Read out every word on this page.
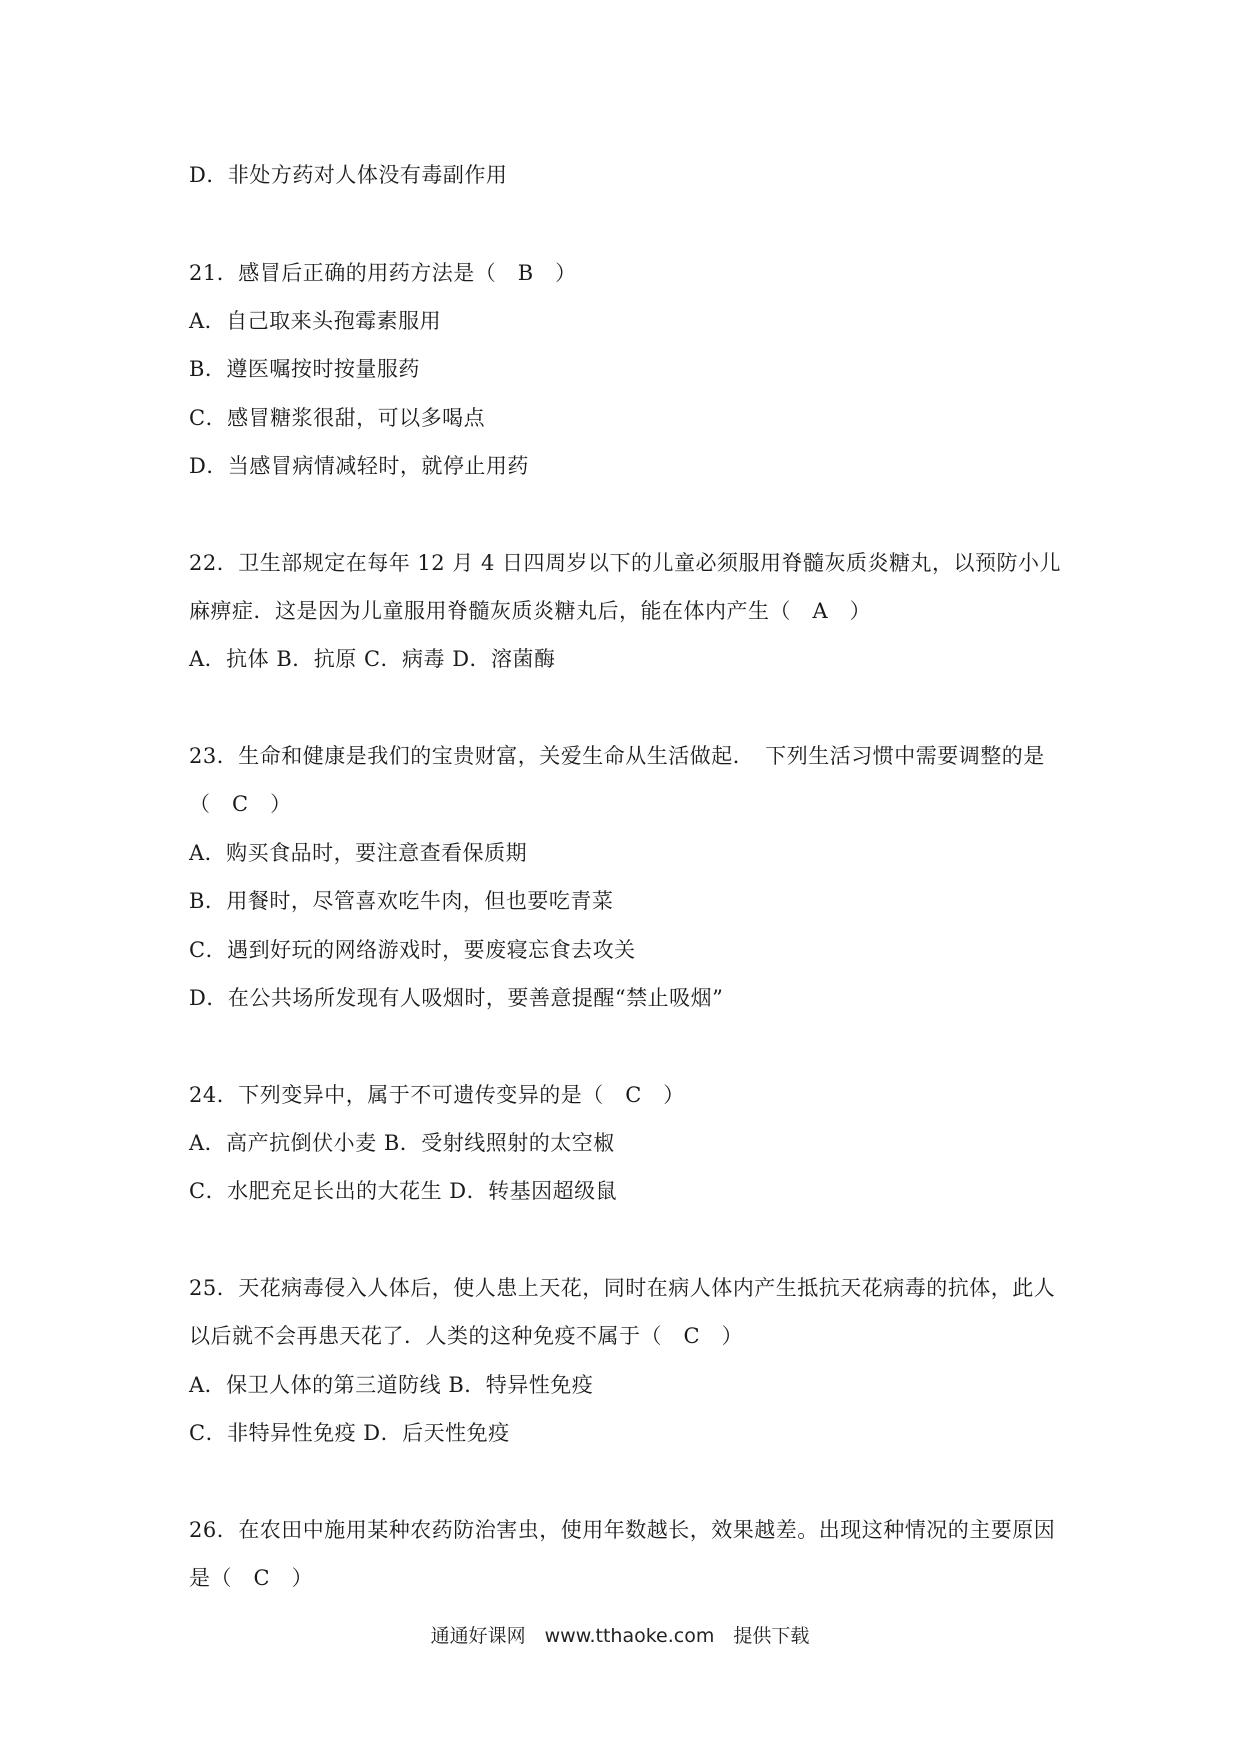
D．非处方药对人体没有毒副作用
21．感冒后正确的用药方法是（　B　）
A．自己取来头孢霉素服用
B．遵医嘱按时按量服药
C．感冒糖浆很甜，可以多喝点
D．当感冒病情减轻时，就停止用药
22．卫生部规定在每年 12 月 4 日四周岁以下的儿童必须服用脊髓灰质炎糖丸，以预防小儿
麻痹症．这是因为儿童服用脊髓灰质炎糖丸后，能在体内产生（　A　）
A．抗体 B．抗原 C．病毒 D．溶菌酶
23．生命和健康是我们的宝贵财富，关爱生命从生活做起．　下列生活习惯中需要调整的是
（　C　）
A．购买食品时，要注意查看保质期
B．用餐时，尽管喜欢吃牛肉，但也要吃青菜
C．遇到好玩的网络游戏时，要废寝忘食去攻关
D．在公共场所发现有人吸烟时，要善意提醒“禁止吸烟”
24．下列变异中，属于不可遗传变异的是（　C　）
A．高产抗倒伏小麦 B．受射线照射的太空椒
C．水肥充足长出的大花生 D．转基因超级鼠
25．天花病毒侵入人体后，使人患上天花，同时在病人体内产生抵抗天花病毒的抗体，此人
以后就不会再患天花了．人类的这种免疫不属于（　C　）
A．保卫人体的第三道防线 B．特异性免疫
C．非特异性免疫 D．后天性免疫
26．在农田中施用某种农药防治害虫，使用年数越长，效果越差。出现这种情况的主要原因
是（　C　）
通通好课网　www.tthaoke.com　提供下载
